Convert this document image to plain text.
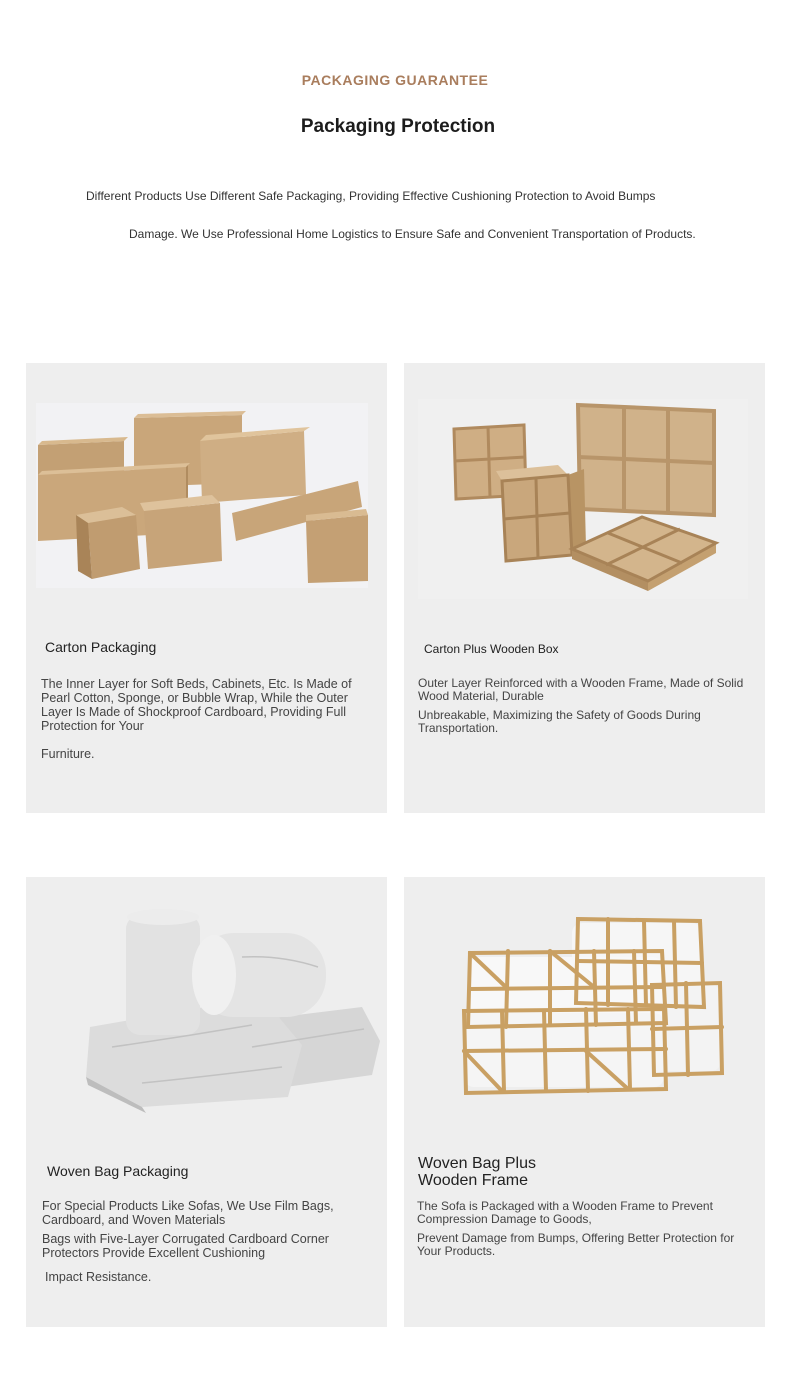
PACKAGING GUARANTEE
Packaging Protection
Different Products Use Different Safe Packaging, Providing Effective Cushioning Protection to Avoid Bumps
Damage. We Use Professional Home Logistics to Ensure Safe and Convenient Transportation of Products.
Carton Packaging

The Inner Layer for Soft Beds, Cabinets, Etc. Is Made of Pearl Cotton, Sponge, or Bubble Wrap, While the Outer Layer Is Made of Shockproof Cardboard, Providing Full Protection for Your

Furniture.

Carton Plus Wooden Box

Outer Layer Reinforced with a Wooden Frame, Made of Solid Wood Material, Durable

Unbreakable, Maximizing the Safety of Goods During Transportation.

Woven Bag Packaging

For Special Products Like Sofas, We Use Film Bags, Cardboard, and Woven Materials

Bags with Five-Layer Corrugated Cardboard Corner Protectors Provide Excellent Cushioning

Impact Resistance.

Woven Bag Plus Wooden Frame

The Sofa is Packaged with a Wooden Frame to Prevent Compression Damage to Goods,

Prevent Damage from Bumps, Offering Better Protection for Your Products.
